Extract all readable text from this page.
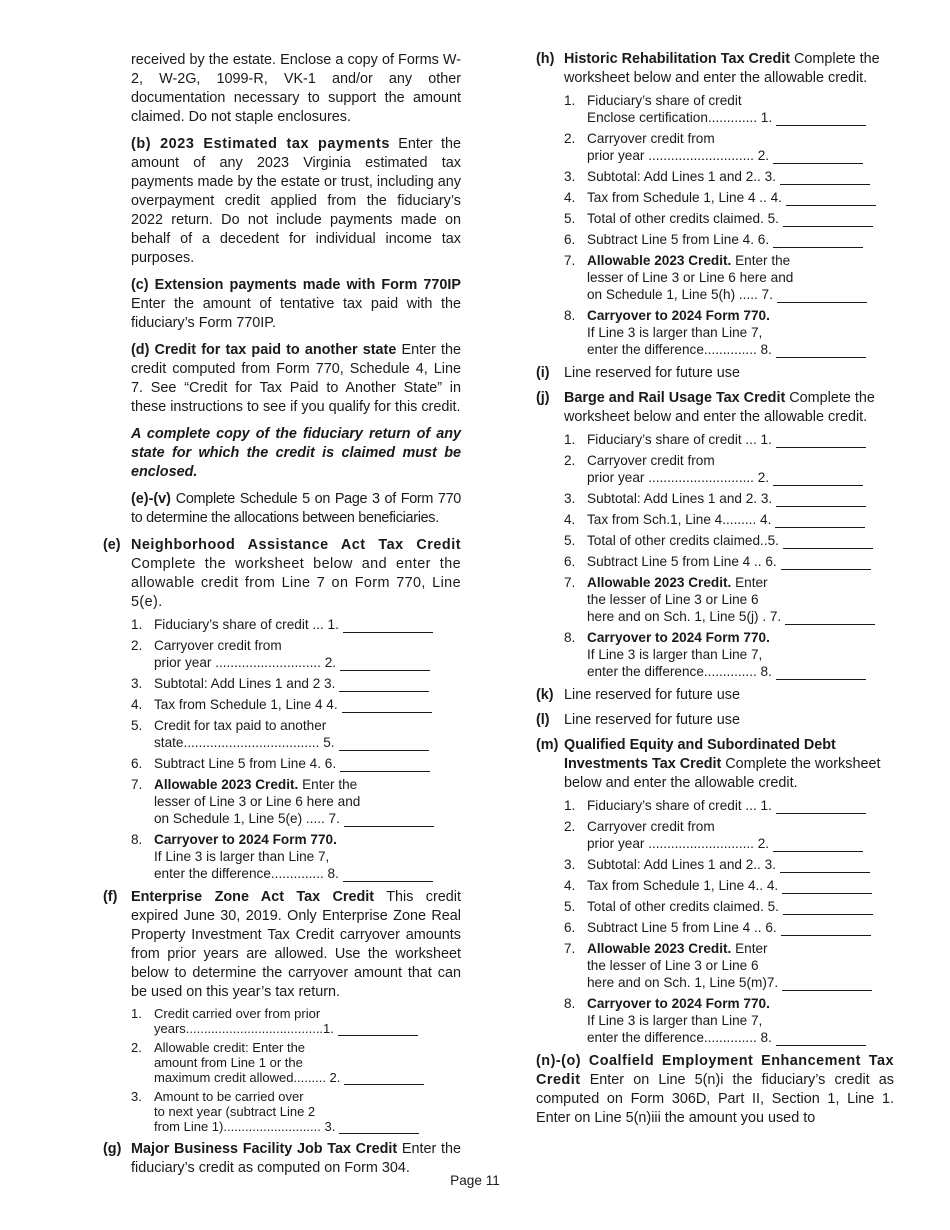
received by the estate. Enclose a copy of Forms W-2, W-2G, 1099-R, VK-1 and/or any other documentation necessary to support the amount claimed. Do not staple enclosures.

(b) 2023 Estimated tax payments Enter the amount of any 2023 Virginia estimated tax payments made by the estate or trust, including any overpayment credit applied from the fiduciary’s 2022 return. Do not include payments made on behalf of a decedent for individual income tax purposes.

(c) Extension payments made with Form 770IP Enter the amount of tentative tax paid with the fiduciary’s Form 770IP.

(d) Credit for tax paid to another state Enter the credit computed from Form 770, Schedule 4, Line 7. See “Credit for Tax Paid to Another State” in these instructions to see if you qualify for this credit.

A complete copy of the fiduciary return of any state for which the credit is claimed must be enclosed.

(e)-(v) Complete Schedule 5 on Page 3 of Form 770 to determine the allocations between beneficiaries.

(e) Neighborhood Assistance Act Tax Credit Complete the worksheet below and enter the allowable credit from Line 7 on Form 770, Line 5(e).
1. Fiduciary’s share of credit ... 1.
2. Carryover credit from
prior year ............................ 2.
3. Subtotal: Add Lines 1 and 2 3.
4. Tax from Schedule 1, Line 4 4.
5. Credit for tax paid to another
state.................................... 5.
6. Subtract Line 5 from Line 4. 6.
7. Allowable 2023 Credit. Enter the
lesser of Line 3 or Line 6 here and
on Schedule 1, Line 5(e) ..... 7.
8. Carryover to 2024 Form 770.
If Line 3 is larger than Line 7,
enter the difference.............. 8.
(f) Enterprise Zone Act Tax Credit This credit expired June 30, 2019. Only Enterprise Zone Real Property Investment Tax Credit carryover amounts from prior years are allowed. Use the worksheet below to determine the carryover amount that can be used on this year’s tax return.
1. Credit carried over from prior
years......................................1.
2. Allowable credit: Enter the
amount from Line 1 or the
maximum credit allowed......... 2.
3. Amount to be carried over
to next year (subtract Line 2
from Line 1)........................... 3.
(g) Major Business Facility Job Tax Credit Enter the fiduciary’s credit as computed on Form 304.
(h) Historic Rehabilitation Tax Credit Complete the worksheet below and enter the allowable credit.
1. Fiduciary’s share of credit
Enclose certification............. 1.
2. Carryover credit from
prior year ............................ 2.
3. Subtotal: Add Lines 1 and 2.. 3.
4. Tax from Schedule 1, Line 4 .. 4.
5. Total of other credits claimed. 5.
6. Subtract Line 5 from Line 4. 6.
7. Allowable 2023 Credit. Enter the
lesser of Line 3 or Line 6 here and
on Schedule 1, Line 5(h) ..... 7.
8. Carryover to 2024 Form 770.
If Line 3 is larger than Line 7,
enter the difference.............. 8.
(i)	Line reserved for future use
(j)	Barge and Rail Usage Tax Credit Complete the worksheet below and enter the allowable credit.
1. Fiduciary’s share of credit ... 1.
2. Carryover credit from
prior year ............................ 2.
3. Subtotal: Add Lines 1 and 2. 3.
4. Tax from Sch.1, Line 4......... 4.
5. Total of other credits claimed..5.
6. Subtract Line 5 from Line 4 .. 6.
7. Allowable 2023 Credit. Enter
the lesser of Line 3 or Line 6
here and on Sch. 1, Line 5(j) . 7.
8. Carryover to 2024 Form 770.
If Line 3 is larger than Line 7,
enter the difference.............. 8.
(k) Line reserved for future use
(l)	Line reserved for future use
(m) Qualified Equity and Subordinated Debt Investments Tax Credit Complete the worksheet below and enter the allowable credit.
1. Fiduciary’s share of credit ... 1.
2. Carryover credit from
prior year ............................ 2.
3. Subtotal: Add Lines 1 and 2.. 3.
4. Tax from Schedule 1, Line 4.. 4.
5. Total of other credits claimed. 5.
6. Subtract Line 5 from Line 4 .. 6.
7. Allowable 2023 Credit. Enter
the lesser of Line 3 or Line 6
here and on Sch. 1, Line 5(m)7.
8. Carryover to 2024 Form 770.
If Line 3 is larger than Line 7,
enter the difference.............. 8.

(n)-(o) Coalfield Employment Enhancement Tax Credit Enter on Line 5(n)i the fiduciary’s credit as computed on Form 306D, Part II, Section 1, Line 1. Enter on Line 5(n)iii the amount you used to

Page 11
